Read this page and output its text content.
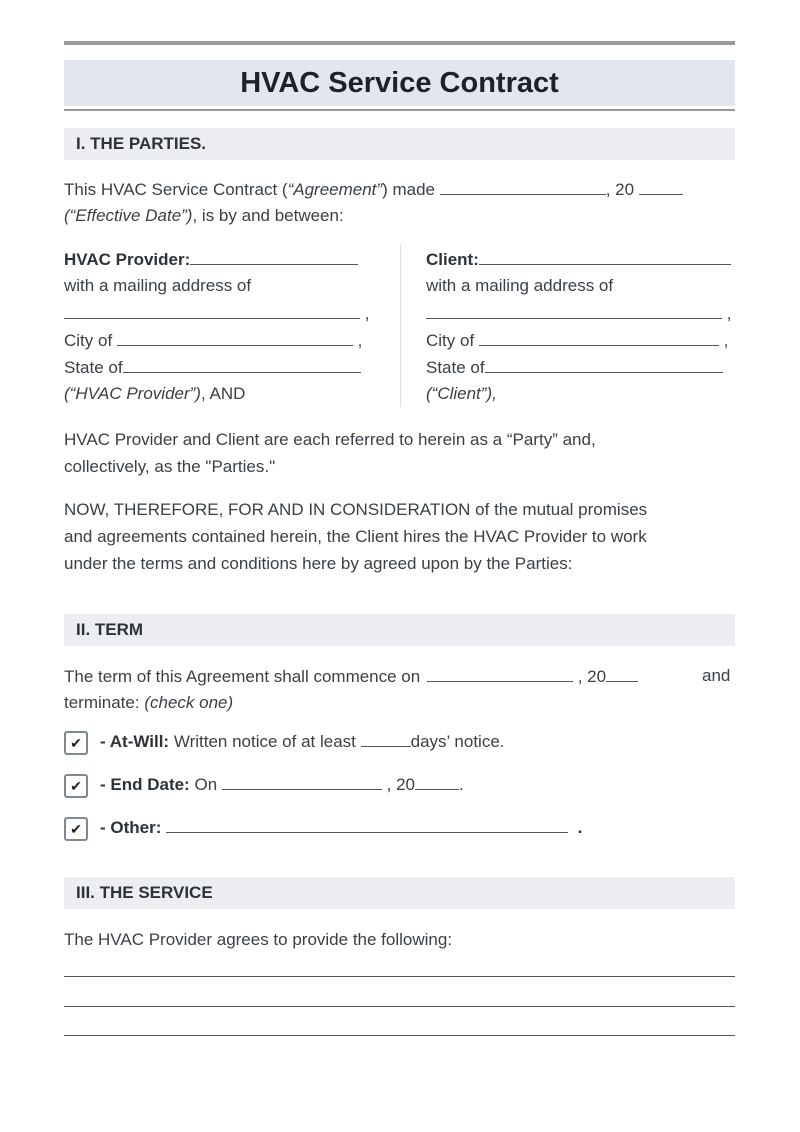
HVAC Service Contract
I. THE PARTIES.
This HVAC Service Contract (“Agreement”) made	, 20
(“Effective Date”), is by and between:
HVAC Provider:
with a mailing address of
,
City of	,
State of
(“HVAC Provider”), AND
Client:
with a mailing address of
,
City of	,
State of
(“Client”),
HVAC Provider and Client are each referred to herein as a “Party” and,
collectively, as the "Parties."
NOW, THEREFORE, FOR AND IN CONSIDERATION of the mutual promises
and agreements contained herein, the Client hires the HVAC Provider to work
under the terms and conditions here by agreed upon by the Parties:
II. TERM
The term of this Agreement shall commence on	, 20	and
terminate: (check one)
✔ - At-Will: Written notice of at least	days’ notice.
✔ - End Date: On	, 20	.
✔ - Other:	.
III. THE SERVICE
The HVAC Provider agrees to provide the following:
